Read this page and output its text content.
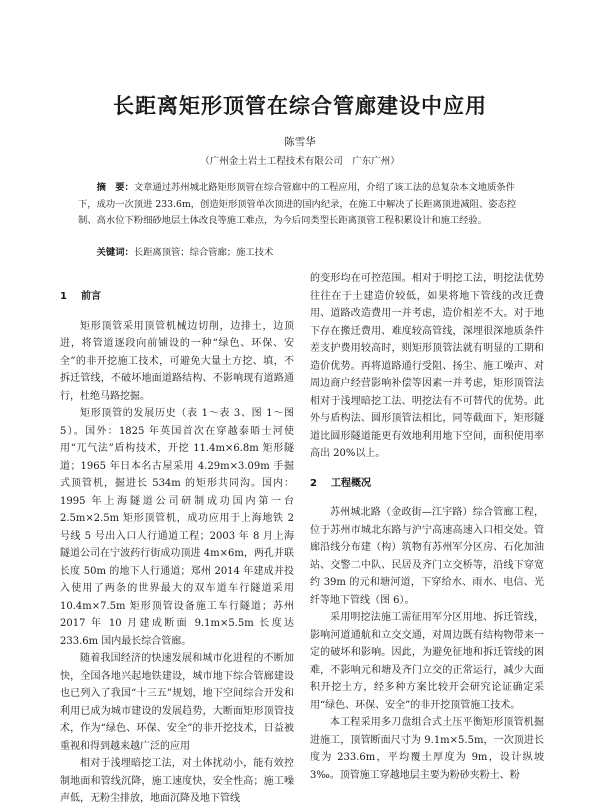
长距离矩形顶管在综合管廊建设中应用
陈雪华
（广州金土岩土工程技术有限公司　广东广州）

摘　要：文章通过苏州城北路矩形顶管在综合管廊中的工程应用，介绍了该工法的总复杂本文地质条件下，成功一次顶进 233.6m，创造矩形顶管单次顶进的国内纪录，在施工中解决了长距离顶进减阻、姿态控制、高水位下粉细砂地层土体改良等施工难点，为今后同类型长距离顶管工程积累设计和施工经验。

关键词：长距离顶管；综合管廊；施工技术

1 前言

矩形顶管采用顶管机械边切削，边排土，边顶进，将管道逐段向前铺设的一种“绿色、环保、安全”的非开挖施工技术，可避免大量土方挖、填，不拆迁管线，不破坏地面道路结构、不影响现有道路通行，杜绝马路挖掘。

矩形顶管的发展历史（表 1～表 3、图 1～图 5）。国外：1825 年英国首次在穿越泰晤士河使用“兀气法”盾构技术，开挖 11.4m×6.8m 矩形隧道；1965 年日本名古屋采用 4.29m×3.09m 手掘式顶管机，掘进长 534m 的矩形共同沟。国内：1995 年上海隧道公司研制成功国内第一台 2.5m×2.5m 矩形顶管机，成功应用于上海地铁 2 号线 5 号出入口人行通道工程；2003 年 8 月上海隧道公司在宁波药行街成功顶进 4m×6m，两孔并联长度 50m 的地下人行通道；郑州 2014 年建成并投入使用了两条的世界最大的双车道车行隧道采用 10.4m×7.5m 矩形顶管设备施工车行隧道；苏州 2017 年 10 月建成断面 9.1m×5.5m 长度达 233.6m 国内最长综合管廊。

随着我国经济的快速发展和城市化进程的不断加快，全国各地兴起地铁建设，城市地下综合管廊建设也已列入了我国“十三五”规划，地下空间综合开发和利用已成为城市建设的发展趋势，大断面矩形顶管技术，作为“绿色、环保、安全”的非开挖技术，日益被重视和得到越来越广泛的应用

相对于浅埋暗挖工法，对土体扰动小，能有效控制地面和管线沉降，施工速度快，安全性高；施工噪声低，无粉尘排放，地面沉降及地下管线

的变形均在可控范围。相对于明挖工法，明挖法优势往往在于土建造价较低，如果将地下管线的改迁费用、道路改造费用一并考虑，造价相差不大。对于地下存在搬迁费用、难度较高管线，深埋很深地质条件差支护费用较高时，则矩形顶管法就有明显的工期和造价优势。再将道路通行受阻、扬尘、施工噪声、对周边商户经营影响补偿等因素一并考虑，矩形顶管法相对于浅埋暗挖工法、明挖法有不可替代的优势。此外与盾构法、圆形顶管法相比，同等截面下，矩形隧道比圆形隧道能更有效地利用地下空间，面积使用率高出 20%以上。

2 工程概况

苏州城北路（金政街—江宇路）综合管廊工程，位于苏州市城北东路与沪宁高速高速入口相交处。管廊沿线分布建（构）筑物有苏州军分区房、石化加油站、交警二中队、民居及齐门立交桥等，沿线下穿宽约 39m 的元和塘河道，下穿给水、雨水、电信、光纤等地下管线（图 6）。

采用明挖法施工需征用军分区用地、拆迁管线，影响河道通航和立交交通，对周边既有结构物带来一定的破坏和影响。因此，为避免征地和拆迁管线的困难，不影响元和塘及齐门立交的正常运行，减少大面积开挖土方，经多种方案比较开会研究论证确定采用“绿色、环保、安全”的非开挖顶管施工技术。

本工程采用多刀盘组合式土压平衡矩形顶管机掘进施工，顶管断面尺寸为 9.1m×5.5m，一次顶进长度为 233.6m，平均覆土厚度为 9m，设计纵坡 3‰。顶管施工穿越地层主要为粉砂夹粉土、粉
